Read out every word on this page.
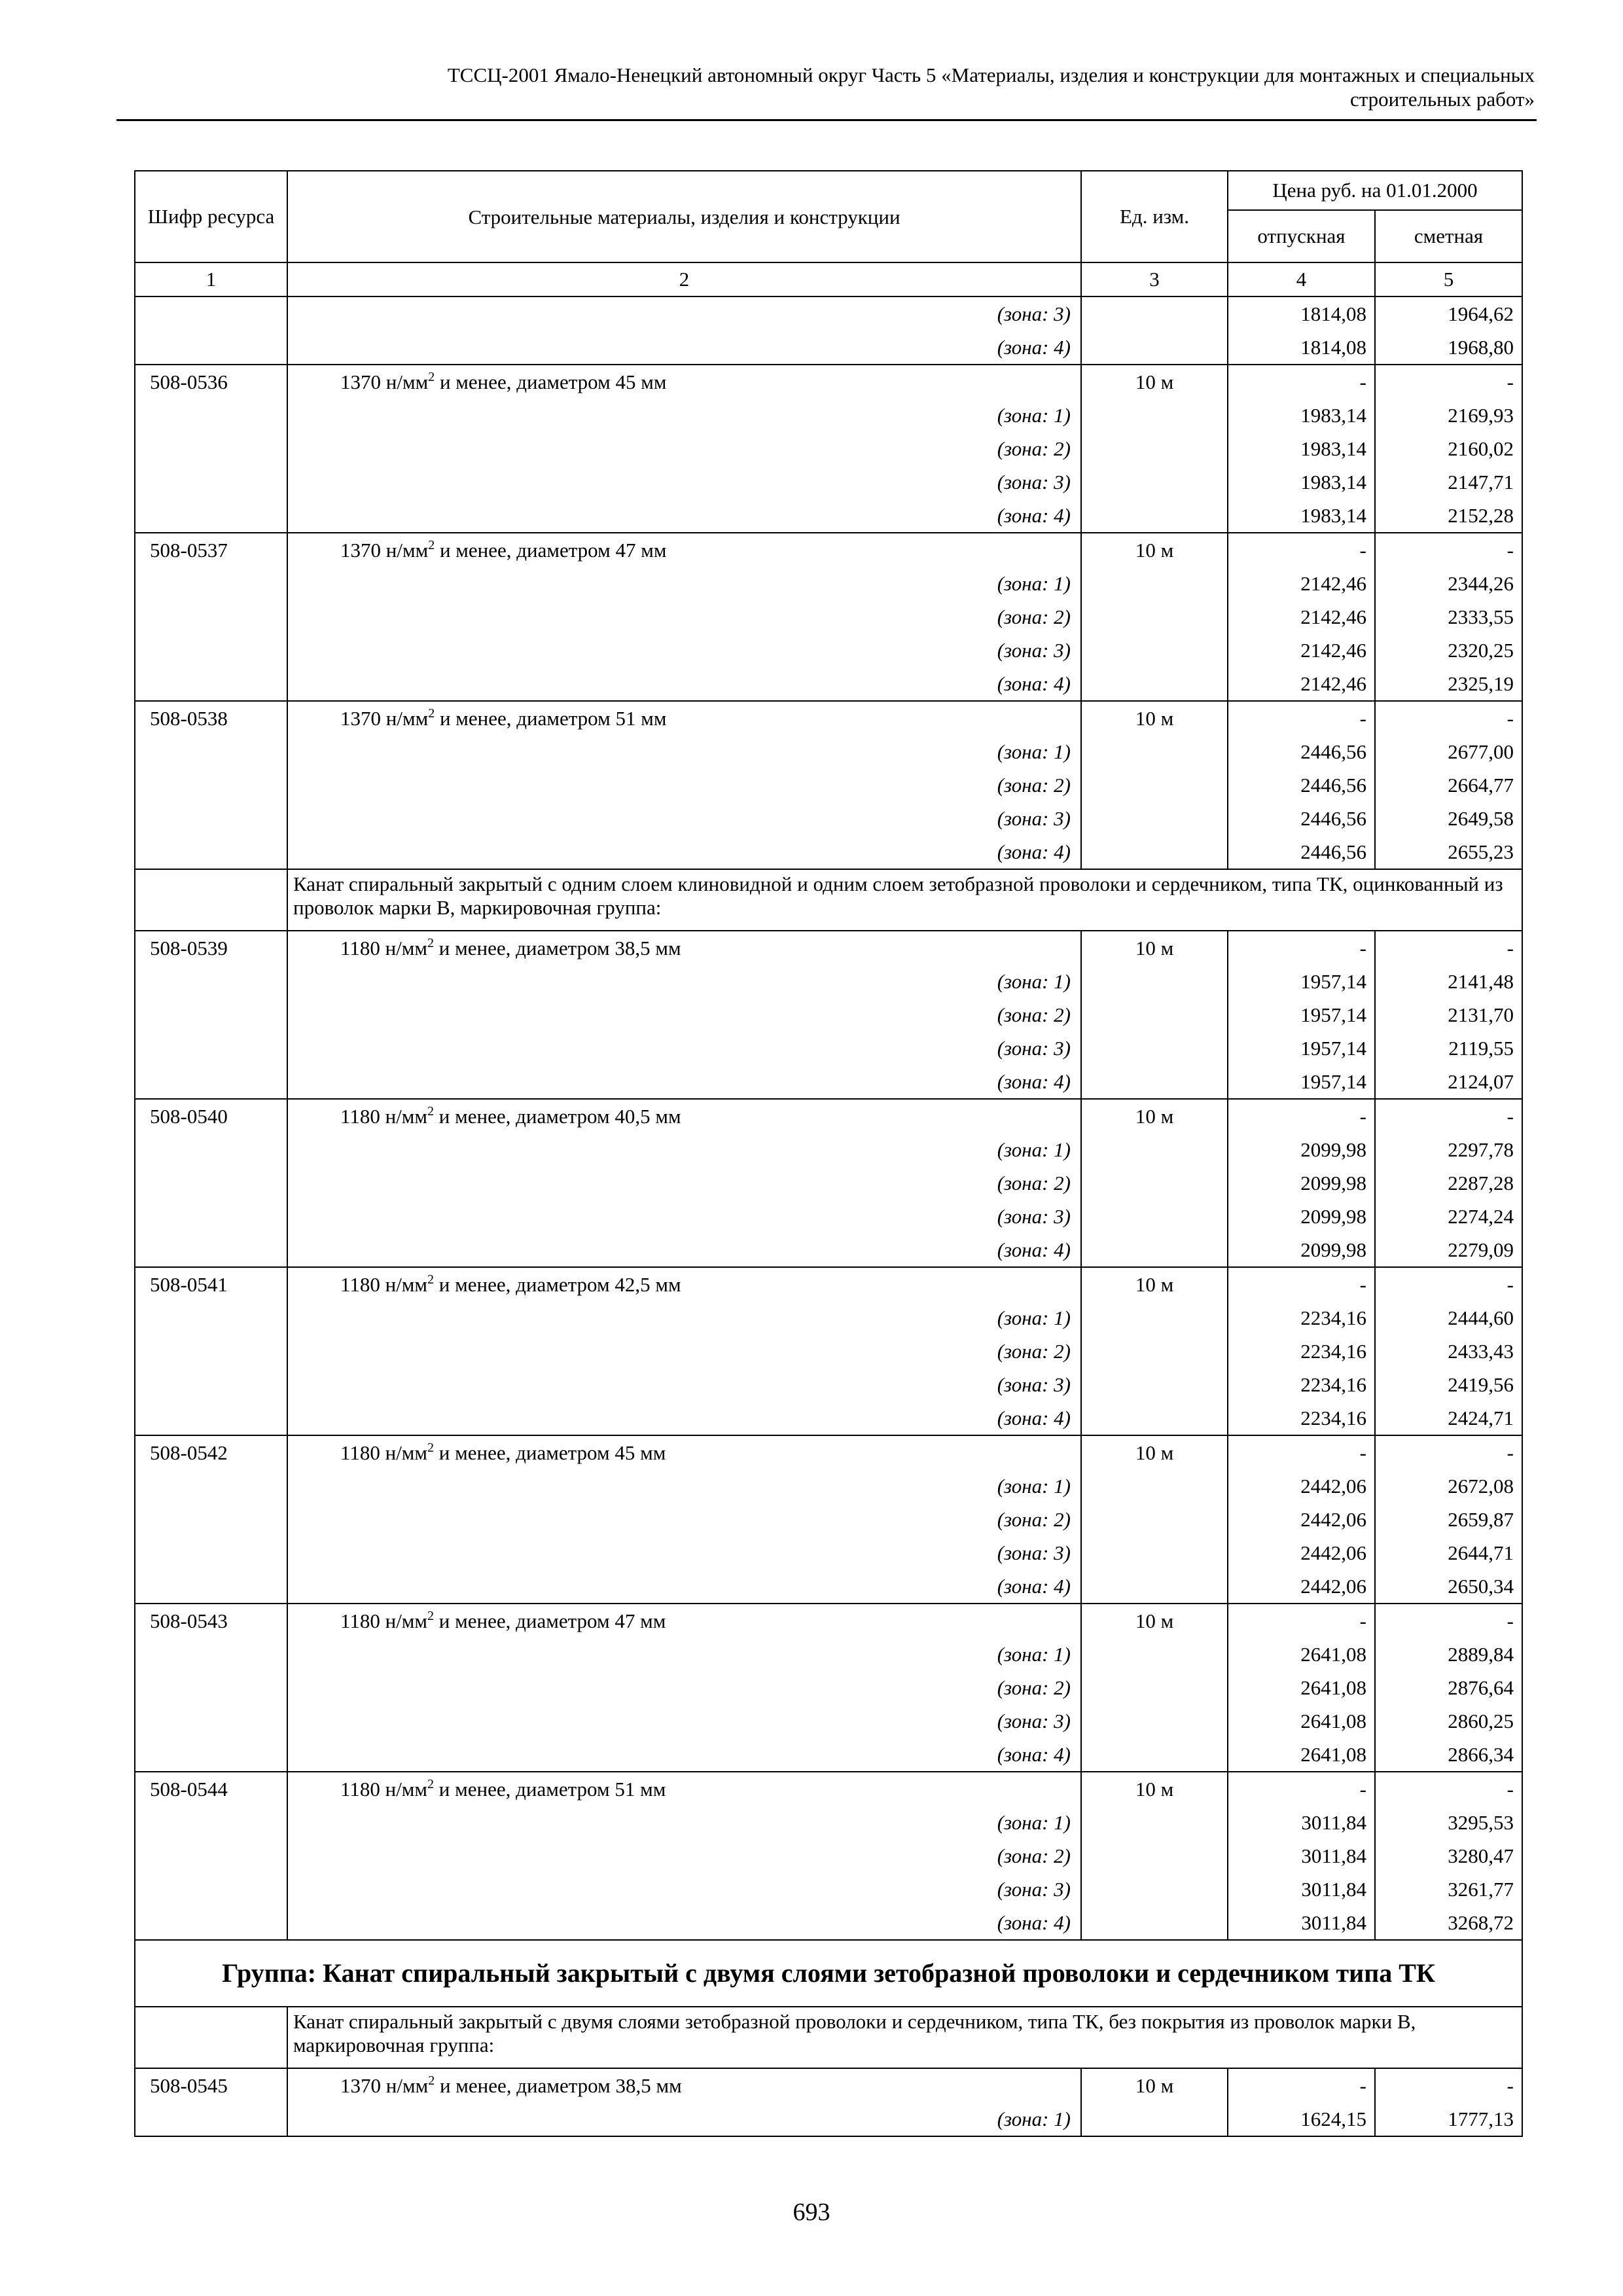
ТССЦ-2001 Ямало-Ненецкий автономный округ Часть 5 «Материалы, изделия и конструкции для монтажных и специальных
строительных работ»
Шифр ресурса	Строительные материалы, изделия и конструкции	Ед. изм.	Цена руб. на 01.01.2000	
			отпускная	сметная
1	2	3	4	5
	(зона: 3)		1814,08	1964,62
	(зона: 4)		1814,08	1968,80
508-0536	1370 $н/мм^2$ и менее, диаметром 45 мм	10 м	-	-
	(зона: 1)		1983,14	2169,93
	(зона: 2)		1983,14	2160,02
	(зона: 3)		1983,14	2147,71
	(зона: 4)		1983,14	2152,28
508-0537	1370 $н/мм^2$ и менее, диаметром 47 мм	10 м	-	-
	(зона: 1)		2142,46	2344,26
	(зона: 2)		2142,46	2333,55
	(зона: 3)		2142,46	2320,25
	(зона: 4)		2142,46	2325,19
508-0538	1370 $н/мм^2$ и менее, диаметром 51 мм	10 м	-	-
	(зона: 1)		2446,56	2677,00
	(зона: 2)		2446,56	2664,77
	(зона: 3)		2446,56	2649,58
	(зона: 4)		2446,56	2655,23
	Канат спиральный закрытый с одним слоем клиновидной и одним слоем зетобразной проволоки и сердечником, типа ТК, оцинкованный из проволок марки В, маркировочная группа:			
508-0539	1180 $н/мм^2$ и менее, диаметром 38,5 мм	10 м	-	-
	(зона: 1)		1957,14	2141,48
	(зона: 2)		1957,14	2131,70
	(зона: 3)		1957,14	2119,55
	(зона: 4)		1957,14	2124,07
508-0540	1180 $н/мм^2$ и менее, диаметром 40,5 мм	10 м	-	-
	(зона: 1)		2099,98	2297,78
	(зона: 2)		2099,98	2287,28
	(зона: 3)		2099,98	2274,24
	(зона: 4)		2099,98	2279,09
508-0541	1180 $н/мм^2$ и менее, диаметром 42,5 мм	10 м	-	-
	(зона: 1)		2234,16	2444,60
	(зона: 2)		2234,16	2433,43
	(зона: 3)		2234,16	2419,56
	(зона: 4)		2234,16	2424,71
508-0542	1180 $н/мм^2$ и менее, диаметром 45 мм	10 м	-	-
	(зона: 1)		2442,06	2672,08
	(зона: 2)		2442,06	2659,87
	(зона: 3)		2442,06	2644,71
	(зона: 4)		2442,06	2650,34
508-0543	1180 $н/мм^2$ и менее, диаметром 47 мм	10 м	-	-
	(зона: 1)		2641,08	2889,84
	(зона: 2)		2641,08	2876,64
	(зона: 3)		2641,08	2860,25
	(зона: 4)		2641,08	2866,34
508-0544	1180 $н/мм^2$ и менее, диаметром 51 мм	10 м	-	-
	(зона: 1)		3011,84	3295,53
	(зона: 2)		3011,84	3280,47
	(зона: 3)		3011,84	3261,77
	(зона: 4)		3011,84	3268,72
Группа: Канат спиральный закрытый с двумя слоями зетобразной проволоки и сердечником типа ТК				
	Канат спиральный закрытый с двумя слоями зетобразной проволоки и сердечником, типа ТК, без покрытия из проволок марки В, маркировочная группа:			
508-0545	1370 $н/мм^2$ и менее, диаметром 38,5 мм	10 м	-	-
	(зона: 1)		1624,15	1777,13
693
